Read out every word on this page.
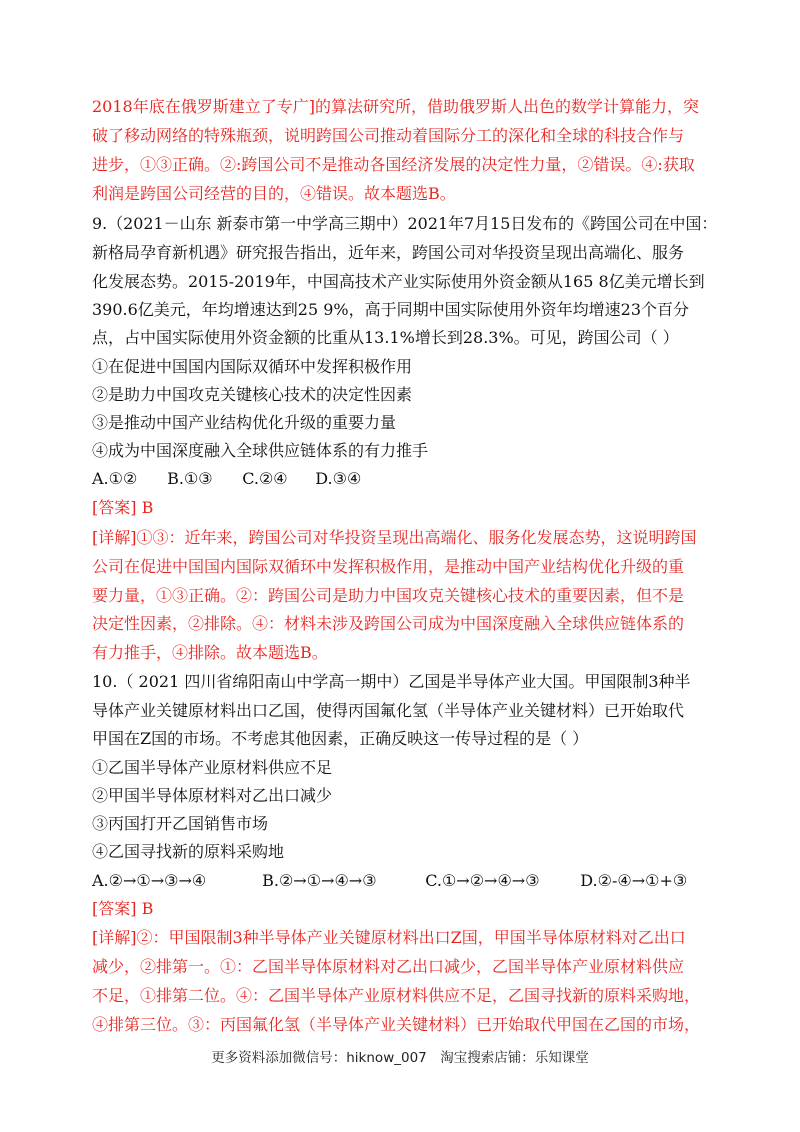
2018年底在俄罗斯建立了专广]的算法研究所，借助俄罗斯人出色的数学计算能力，突
破了移动网络的特殊瓶颈，说明跨国公司推动着国际分工的深化和全球的科技合作与
进步，①③正确。②:跨国公司不是推动各国经济发展的决定性力量，②错误。④:获取
利润是跨国公司经营的目的，④错误。故本题选B。
9.（2021－山东 新泰市第一中学高三期中）2021年7月15日发布的《跨国公司在中国：
新格局孕育新机遇》研究报告指出，近年来，跨国公司对华投资呈现出高端化、服务
化发展态势。2015-2019年，中国高技术产业实际使用外资金额从165 8亿美元增长到
390.6亿美元，年均增速达到25 9%，高于同期中国实际使用外资年均增速23个百分
点，占中国实际使用外资金额的比重从13.1%增长到28.3%。可见，跨国公司（ ）
①在促进中国国内国际双循环中发挥积极作用
②是助力中国攻克关键核心技术的决定性因素
③是推动中国产业结构优化升级的重要力量
④成为中国深度融入全球供应链体系的有力推手
A.①② B.①③ C.②④ D.③④
[答案] B
[详解]①③：近年来，跨国公司对华投资呈现出高端化、服务化发展态势，这说明跨国
公司在促进中国国内国际双循环中发挥积极作用，是推动中国产业结构优化升级的重
要力量，①③正确。②：跨国公司是助力中国攻克关键核心技术的重要因素，但不是
决定性因素，②排除。④：材料未涉及跨国公司成为中国深度融入全球供应链体系的
有力推手，④排除。故本题选B。
10.（ 2021 四川省绵阳南山中学高一期中）乙国是半导体产业大国。甲国限制3种半
导体产业关键原材料出口乙国，使得丙国氟化氢（半导体产业关键材料）已开始取代
甲国在Z国的市场。不考虑其他因素，正确反映这一传导过程的是（ ）
①乙国半导体产业原材料供应不足
②甲国半导体原材料对乙出口减少
③丙国打开乙国销售市场
④乙国寻找新的原料采购地
A.②→①→③→④	B.②→①→④→③	C.①→②→④→③	D.②-④→①+③
[答案] B
[详解]②：甲国限制3种半导体产业关键原材料出口Z国，甲国半导体原材料对乙出口
减少，②排第一。①：乙国半导体原材料对乙出口减少，乙国半导体产业原材料供应
不足，①排第二位。④：乙国半导体产业原材料供应不足，乙国寻找新的原料采购地，
④排第三位。③：丙国氟化氢（半导体产业关键材料）已开始取代甲国在乙国的市场，
更多资料添加微信号：hiknow_007　淘宝搜索店铺：乐知课堂
